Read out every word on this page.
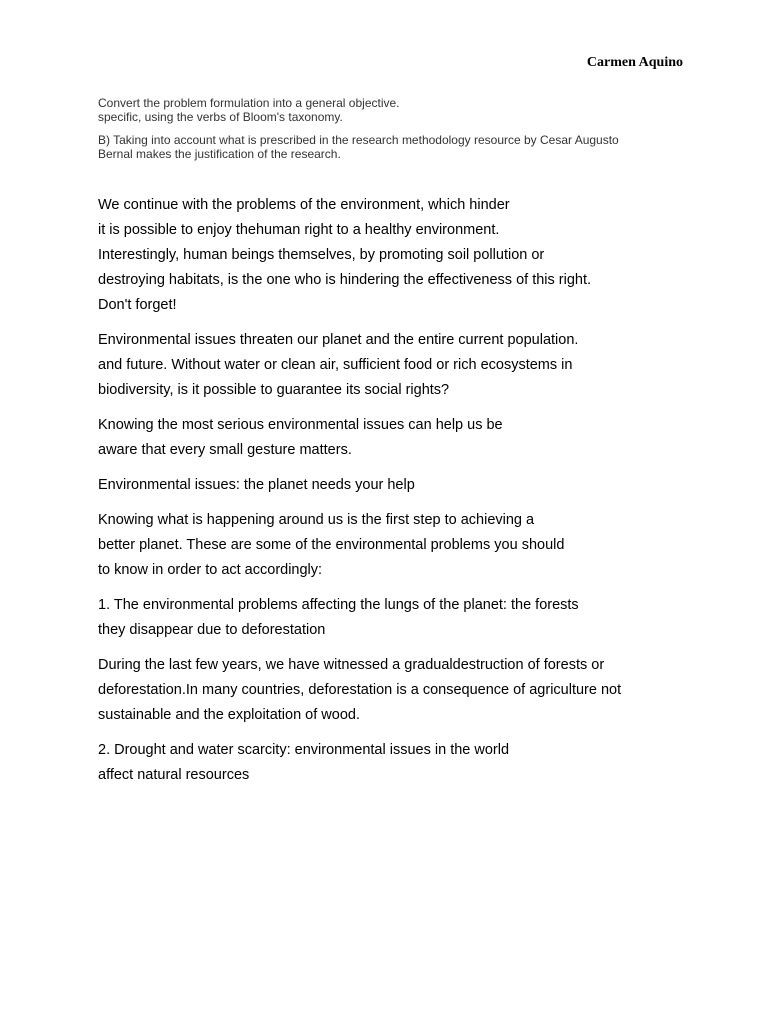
Carmen Aquino
Convert the problem formulation into a general objective.
specific, using the verbs of Bloom's taxonomy.
B) Taking into account what is prescribed in the research methodology resource by Cesar Augusto
Bernal makes the justification of the research.
We continue with the problems of the environment, which hinder
it is possible to enjoy thehuman right to a healthy environment.
Interestingly, human beings themselves, by promoting soil pollution or
destroying habitats, is the one who is hindering the effectiveness of this right.
Don't forget!
Environmental issues threaten our planet and the entire current population.
and future. Without water or clean air, sufficient food or rich ecosystems in
biodiversity, is it possible to guarantee its social rights?
Knowing the most serious environmental issues can help us be
aware that every small gesture matters.
Environmental issues: the planet needs your help
Knowing what is happening around us is the first step to achieving a
better planet. These are some of the environmental problems you should
to know in order to act accordingly:
1. The environmental problems affecting the lungs of the planet: the forests
they disappear due to deforestation
During the last few years, we have witnessed a gradualdestruction of forests or
deforestation.In many countries, deforestation is a consequence of agriculture not
sustainable and the exploitation of wood.
2. Drought and water scarcity: environmental issues in the world
affect natural resources
